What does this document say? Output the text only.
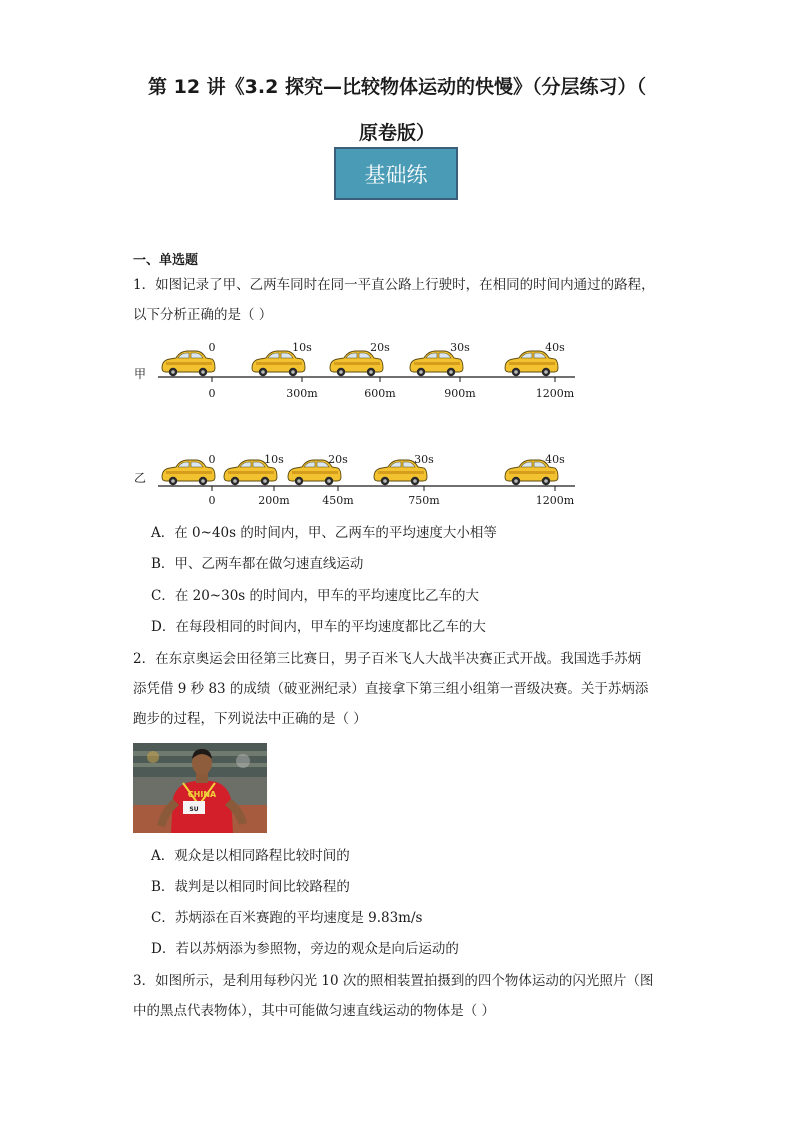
第 12 讲《3.2 探究—比较物体运动的快慢》（分层练习）（
原卷版）
基础练
一、单选题
1．如图记录了甲、乙两车同时在同一平直公路上行驶时，在相同的时间内通过的路程，
以下分析正确的是（ ）
甲
0	10s	20s	30s	40s
0	300m	600m	900m	1200m
乙
0	10s	20s	30s	40s
0	200m	450m	750m	1200m
A．在 0~40s 的时间内，甲、乙两车的平均速度大小相等
B．甲、乙两车都在做匀速直线运动
C．在 20~30s 的时间内，甲车的平均速度比乙车的大
D．在每段相同的时间内，甲车的平均速度都比乙车的大
2．在东京奥运会田径第三比赛日，男子百米飞人大战半决赛正式开战。我国选手苏炳
添凭借 9 秒 83 的成绩（破亚洲纪录）直接拿下第三组小组第一晋级决赛。关于苏炳添
跑步的过程，下列说法中正确的是（ ）
CHINA
SU
A．观众是以相同路程比较时间的
B．裁判是以相同时间比较路程的
C．苏炳添在百米赛跑的平均速度是 9.83m/s
D．若以苏炳添为参照物，旁边的观众是向后运动的
3．如图所示，是利用每秒闪光 10 次的照相装置拍摄到的四个物体运动的闪光照片（图
中的黑点代表物体），其中可能做匀速直线运动的物体是（ ）
